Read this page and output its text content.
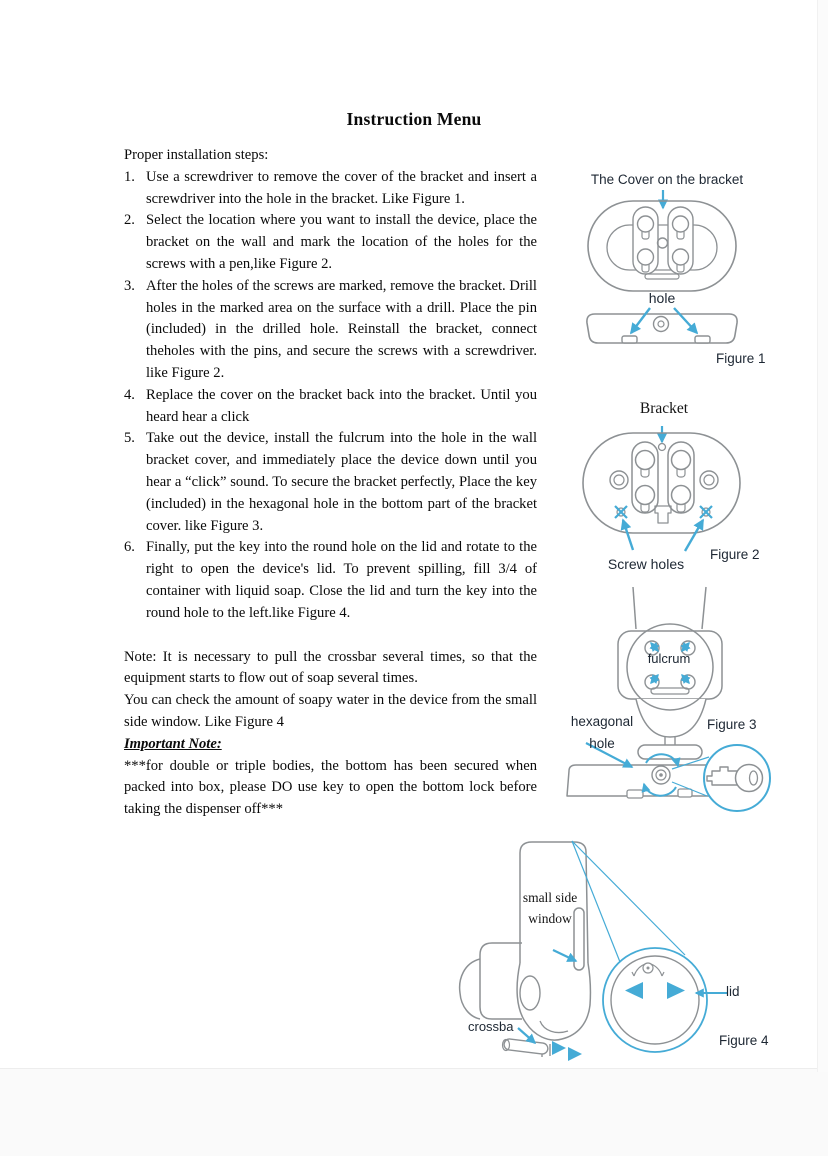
Instruction Menu

Proper installation steps:

1. Use a screwdriver to remove the cover of the bracket and insert a screwdriver into the hole in the bracket. Like Figure 1.

2. Select the location where you want to install the device, place the bracket on the wall and mark the location of the holes for the screws with a pen,like Figure 2.

3. After the holes of the screws are marked, remove the bracket. Drill holes in the marked area on the surface with a drill. Place the pin (included) in the drilled hole. Reinstall the bracket, connect theholes with the pins, and secure the screws with a screwdriver. like Figure 2.

4. Replace the cover on the bracket back into the bracket. Until you heard hear a click

5. Take out the device, install the fulcrum into the hole in the wall bracket cover, and immediately place the device down until you hear a “click” sound. To secure the bracket perfectly, Place the key (included) in the hexagonal hole in the bottom part of the bracket cover. like Figure 3.

6. Finally, put the key into the round hole on the lid and rotate to the right to open the device's lid. To prevent spilling, fill 3/4 of container with liquid soap. Close the lid and turn the key into the round hole to the left.like Figure 4.

Note: It is necessary to pull the crossbar several times, so that the equipment starts to flow out of soap several times.

You can check the amount of soapy water in the device from the small side window. Like Figure 4

Important Note:

***for double or triple bodies, the bottom has been secured when packed into box, please DO use key to open the bottom lock before taking the dispenser off***

The Cover on the bracket
hole
Figure 1
Bracket
Screw holes
Figure 2
fulcrum
hexagonal hole
Figure 3
small side window
crossba
lid
Figure 4
